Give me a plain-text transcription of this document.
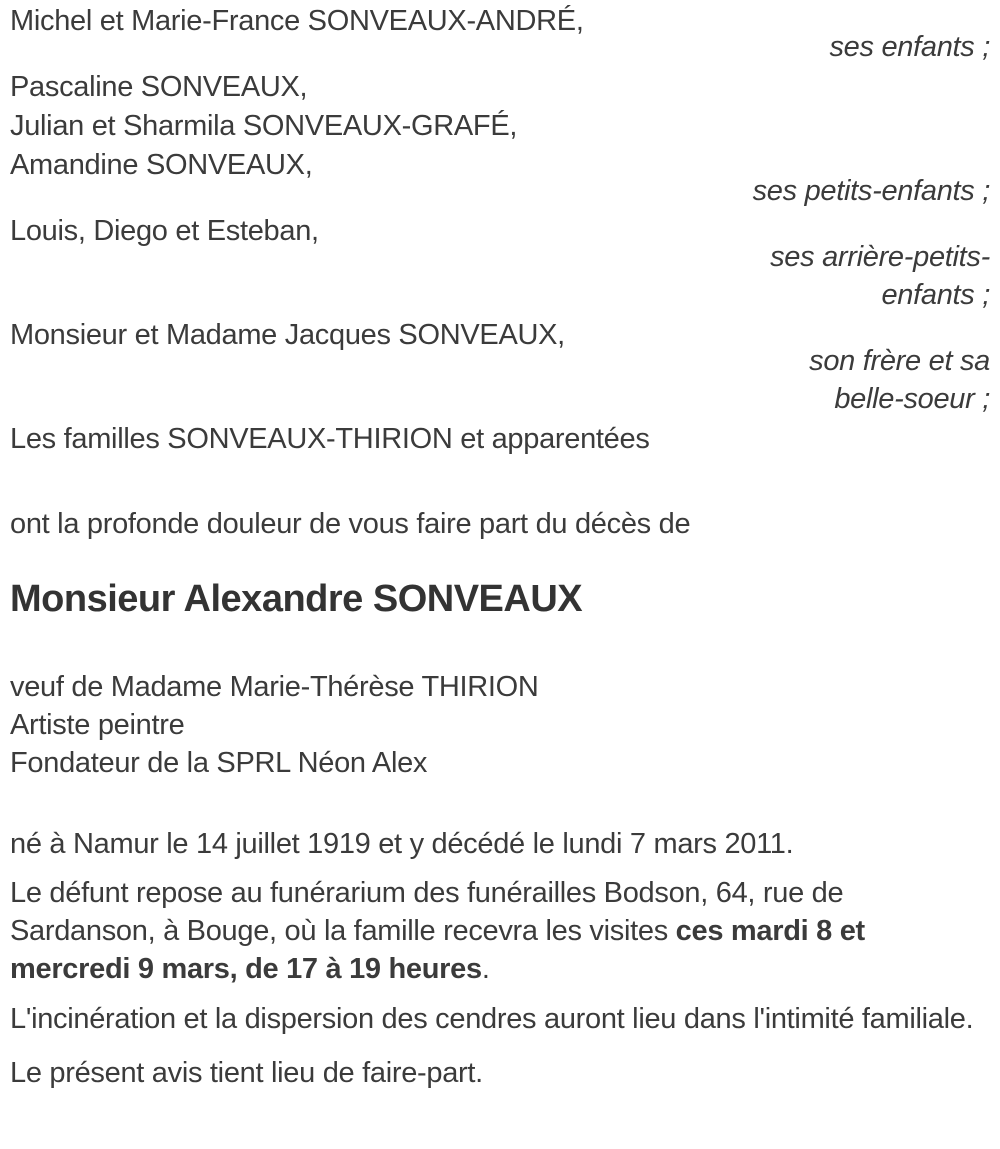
Michel et Marie-France SONVEAUX-ANDRÉ,

ses enfants ;

Pascaline SONVEAUX,

Julian et Sharmila SONVEAUX-GRAFÉ,

Amandine SONVEAUX,

ses petits-enfants ;

Louis, Diego et Esteban,

ses arrière-petits-enfants ;

Monsieur et Madame Jacques SONVEAUX,

son frère et sa belle-soeur ;

Les familles SONVEAUX-THIRION et apparentées

ont la profonde douleur de vous faire part du décès de

Monsieur Alexandre SONVEAUX

veuf de Madame Marie-Thérèse THIRION

Artiste peintre

Fondateur de la SPRL Néon Alex

né à Namur le 14 juillet 1919 et y décédé le lundi 7 mars 2011.

Le défunt repose au funérarium des funérailles Bodson, 64, rue de Sardanson, à Bouge, où la famille recevra les visites ces mardi 8 et mercredi 9 mars, de 17 à 19 heures.

L'incinération et la dispersion des cendres auront lieu dans l'intimité familiale.

Le présent avis tient lieu de faire-part.
